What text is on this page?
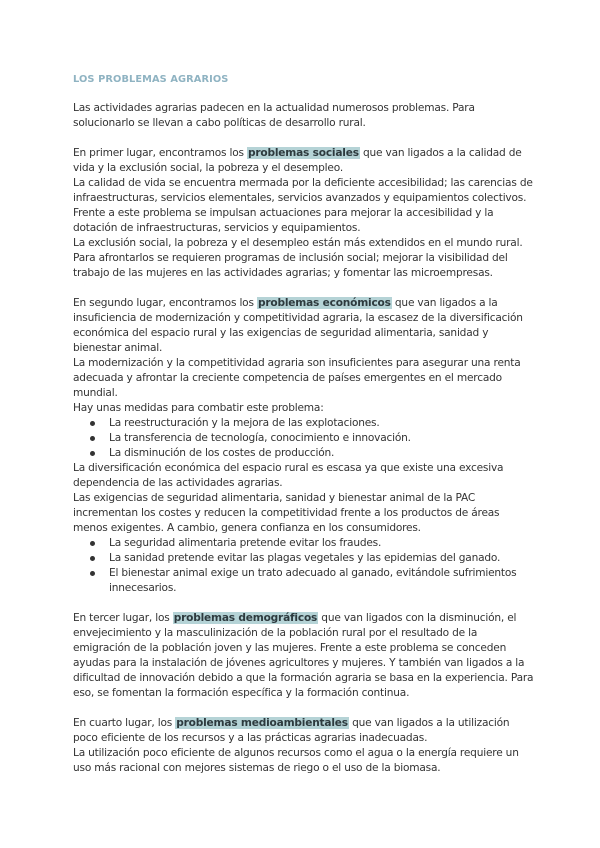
LOS PROBLEMAS AGRARIOS

Las actividades agrarias padecen en la actualidad numerosos problemas. Para solucionarlo se llevan a cabo políticas de desarrollo rural.

En primer lugar, encontramos los problemas sociales que van ligados a la calidad de vida y la exclusión social, la pobreza y el desempleo.

La calidad de vida se encuentra mermada por la deficiente accesibilidad; las carencias de infraestructuras, servicios elementales, servicios avanzados y equipamientos colectivos.

Frente a este problema se impulsan actuaciones para mejorar la accesibilidad y la dotación de infraestructuras, servicios y equipamientos.

La exclusión social, la pobreza y el desempleo están más extendidos en el mundo rural.

Para afrontarlos se requieren programas de inclusión social; mejorar la visibilidad del trabajo de las mujeres en las actividades agrarias; y fomentar las microempresas.

En segundo lugar, encontramos los problemas económicos que van ligados a la insuficiencia de modernización y competitividad agraria, la escasez de la diversificación económica del espacio rural y las exigencias de seguridad alimentaria, sanidad y bienestar animal.

La modernización y la competitividad agraria son insuficientes para asegurar una renta adecuada y afrontar la creciente competencia de países emergentes en el mercado mundial.

Hay unas medidas para combatir este problema:

La reestructuración y la mejora de las explotaciones.
La transferencia de tecnología, conocimiento e innovación.
La disminución de los costes de producción.

La diversificación económica del espacio rural es escasa ya que existe una excesiva dependencia de las actividades agrarias.

Las exigencias de seguridad alimentaria, sanidad y bienestar animal de la PAC incrementan los costes y reducen la competitividad frente a los productos de áreas menos exigentes. A cambio, genera confianza en los consumidores.

La seguridad alimentaria pretende evitar los fraudes.
La sanidad pretende evitar las plagas vegetales y las epidemias del ganado.
El bienestar animal exige un trato adecuado al ganado, evitándole sufrimientos innecesarios.

En tercer lugar, los problemas demográficos que van ligados con la disminución, el envejecimiento y la masculinización de la población rural por el resultado de la emigración de la población joven y las mujeres. Frente a este problema se conceden ayudas para la instalación de jóvenes agricultores y mujeres. Y también van ligados a la dificultad de innovación debido a que la formación agraria se basa en la experiencia. Para eso, se fomentan la formación específica y la formación continua.

En cuarto lugar, los problemas medioambientales que van ligados a la utilización poco eficiente de los recursos y a las prácticas agrarias inadecuadas.

La utilización poco eficiente de algunos recursos como el agua o la energía requiere un uso más racional con mejores sistemas de riego o el uso de la biomasa.
